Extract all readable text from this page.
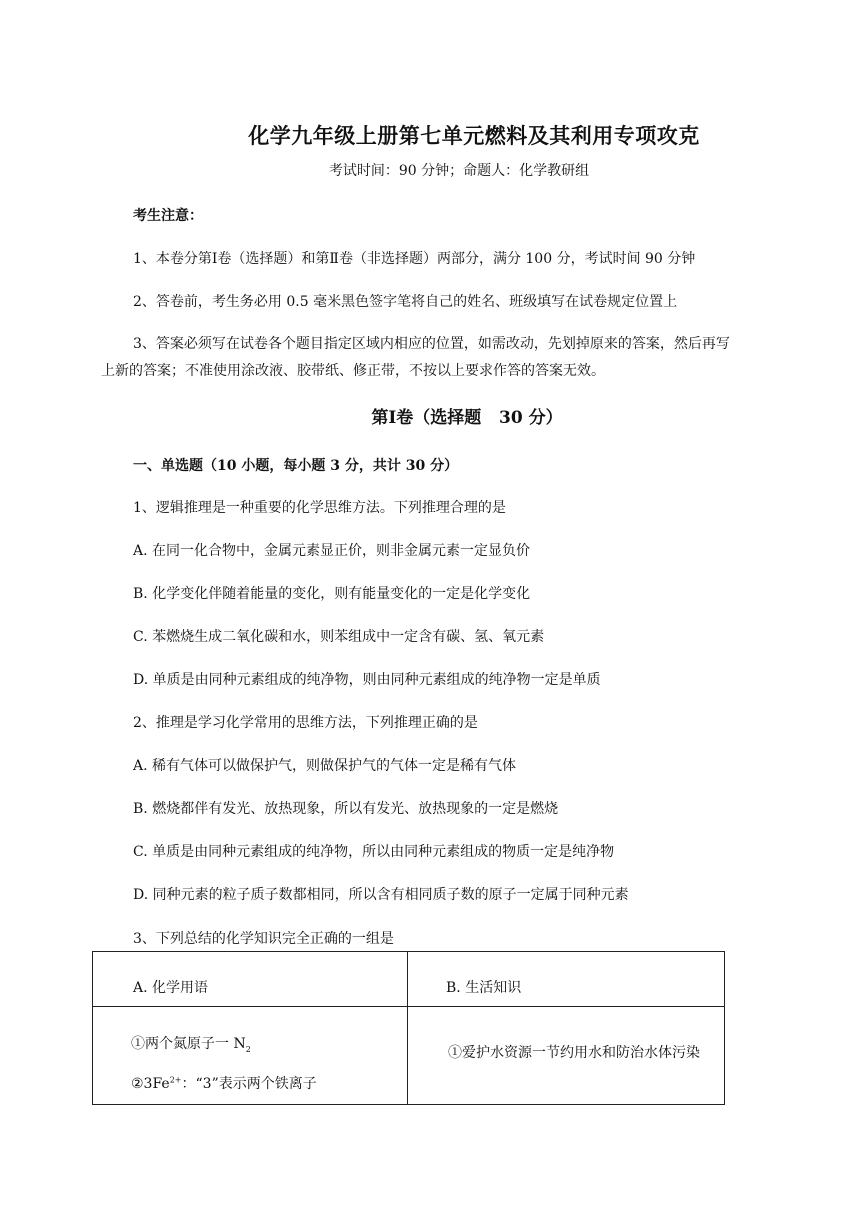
化学九年级上册第七单元燃料及其利用专项攻克
考试时间：90 分钟；命题人：化学教研组
考生注意：
1、本卷分第Ⅰ卷（选择题）和第Ⅱ卷（非选择题）两部分，满分 100 分，考试时间 90 分钟
2、答卷前，考生务必用 0.5 毫米黑色签字笔将自己的姓名、班级填写在试卷规定位置上
3、答案必须写在试卷各个题目指定区域内相应的位置，如需改动，先划掉原来的答案，然后再写
上新的答案；不准使用涂改液、胶带纸、修正带，不按以上要求作答的答案无效。
第Ⅰ卷（选择题   30 分）
一、单选题（10 小题，每小题 3 分，共计 30 分）
1、逻辑推理是一种重要的化学思维方法。下列推理合理的是
A. 在同一化合物中，金属元素显正价，则非金属元素一定显负价
B. 化学变化伴随着能量的变化，则有能量变化的一定是化学变化
C. 苯燃烧生成二氧化碳和水，则苯组成中一定含有碳、氢、氧元素
D. 单质是由同种元素组成的纯净物，则由同种元素组成的纯净物一定是单质
2、推理是学习化学常用的思维方法，下列推理正确的是
A. 稀有气体可以做保护气，则做保护气的气体一定是稀有气体
B. 燃烧都伴有发光、放热现象，所以有发光、放热现象的一定是燃烧
C. 单质是由同种元素组成的纯净物，所以由同种元素组成的物质一定是纯净物
D. 同种元素的粒子质子数都相同，所以含有相同质子数的原子一定属于同种元素
3、下列总结的化学知识完全正确的一组是
A. 化学用语	B. 生活知识

①两个氮原子一 $N_2$
$②3Fe^{2+}$：“3”表示两个铁离子	①爱护水资源一节约用水和防治水体污染
